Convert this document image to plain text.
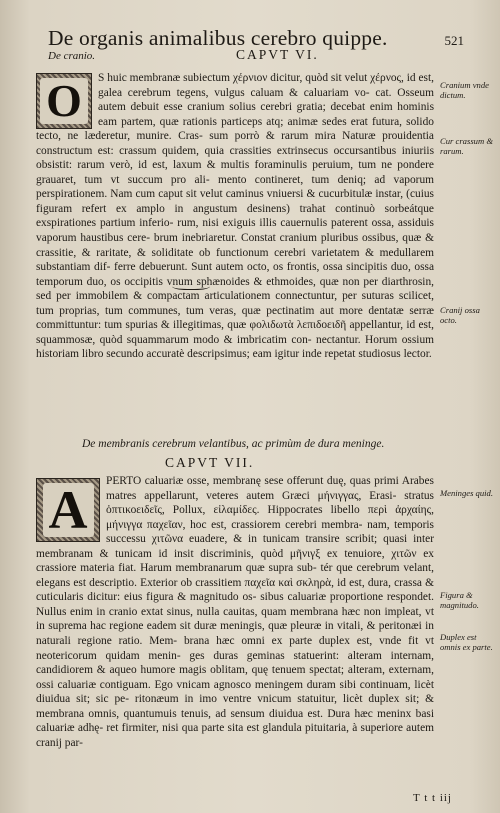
De organis animalibus cerebro quippe.	521
De cranio.	CAPVT VI.
O	S huic membranæ subiectum χέρνιον dicitur, quòd sit velut χέρνος, id est, galea cerebrum tegens, vulgus caluam & caluariam vo- cat. Osseum autem debuit esse cranium solius cerebri gratia; decebat enim hominis eam partem, quæ rationis particeps atq; animæ sedes erat futura, solido tecto, ne læderetur, munire. Cras- sum porrò & rarum mira Naturæ prouidentia constructum est: crassum quidem, quia crassities extrinsecus occursantibus iniuriis obsistit: rarum verò, id est, laxum & multis foraminulis peruium, tum ne pondere grauaret, tum vt succum pro ali- mento contineret, tum deniq; ad vaporum perspirationem. Nam cum caput sit velut caminus vniuersi & cucurbitulæ instar, (cuius figuram refert ex amplo in angustum desinens) trahat continuò sorbeátque exspirationes partium inferio- rum, nisi exiguis illis cauernulis paterent ossa, assiduis vaporum haustibus cere- brum inebriaretur. Constat cranium pluribus ossibus, quæ & crassitie, & raritate, & soliditate ob functionum cerebri varietatem & medullarem substantiam dif- ferre debuerunt. Sunt autem octo, os frontis, ossa sincipitis duo, ossa temporum duo, os occipitis vnum sphænoides & ethmoides, quæ non per diarthrosin, sed per immobilem & compactam articulationem connectuntur, per suturas scilicet, tum proprias, tum communes, tum veras, quæ pectinatim aut more dentatæ serræ committuntur: tum spurias & illegitimas, quæ φολιδωτὰ λεπιδοειδῆ appellantur, id est, squammosæ, quòd squammarum modo & imbricatim con- nectantur. Horum ossium historiam libro secundo accuratè descripsimus; eam igitur inde repetat studiosus lector.

Cranium vnde dictum.
Cur crassum & rarum.
Cranij ossa octo.
De membranis cerebrum velantibus, ac primùm de dura meninge.
CAPVT VII.
A	PERTO caluariæ osse, membranę sese offerunt duę, quas primi Arabes matres appellarunt, veteres autem Græci μήνιγγας, Erasi- stratus ὀπτικοειδεῖς, Pollux, εἰλαμίδες. Hippocrates libello περὶ ἀρχαίης, μήνιγγα παχεῖαν, hoc est, crassiorem cerebri membra- nam, temporis successu χιτῶνα euadere, & in tunicam transire scribit; quasi inter membranam & tunicam id insit discriminis, quòd μῆνιγξ ex tenuiore, χιτῶν ex crassiore materia fiat. Harum membranarum quæ supra sub- tér que cerebrum velant, elegans est descriptio. Exterior ob crassitiem παχεῖα καὶ σκληρὰ, id est, dura, crassa & cuticularis dicitur: eius figura & magnitudo os- sibus caluariæ proportione respondet. Nullus enim in cranio extat sinus, nulla cauitas, quam membrana hæc non impleat, vt in suprema hac regione eadem sit duræ meningis, quæ pleuræ in vitali, & peritonæi in naturali regione ratio. Mem- brana hæc omni ex parte duplex est, vnde fit vt neotericorum quidam menin- ges duras geminas statuerint: alteram internam, candidiorem & aqueo humore magis oblitam, quę tenuem spectat; alteram, externam, ossi caluariæ contiguam. Ego vnicam agnosco meningem duram sibi continuam, licèt diuidua sit; sic pe- ritonæum in imo ventre vnicum statuitur, licèt duplex sit; & membrana omnis, quantumuis tenuis, ad sensum diuidua est. Dura hæc meninx basi caluariæ adhę- ret firmiter, nisi qua parte sita est glandula pituitaria, à superiore autem cranij par-

Meninges quid.
Figura & magnitudo.
Duplex est omnis ex parte.
T t t iij
